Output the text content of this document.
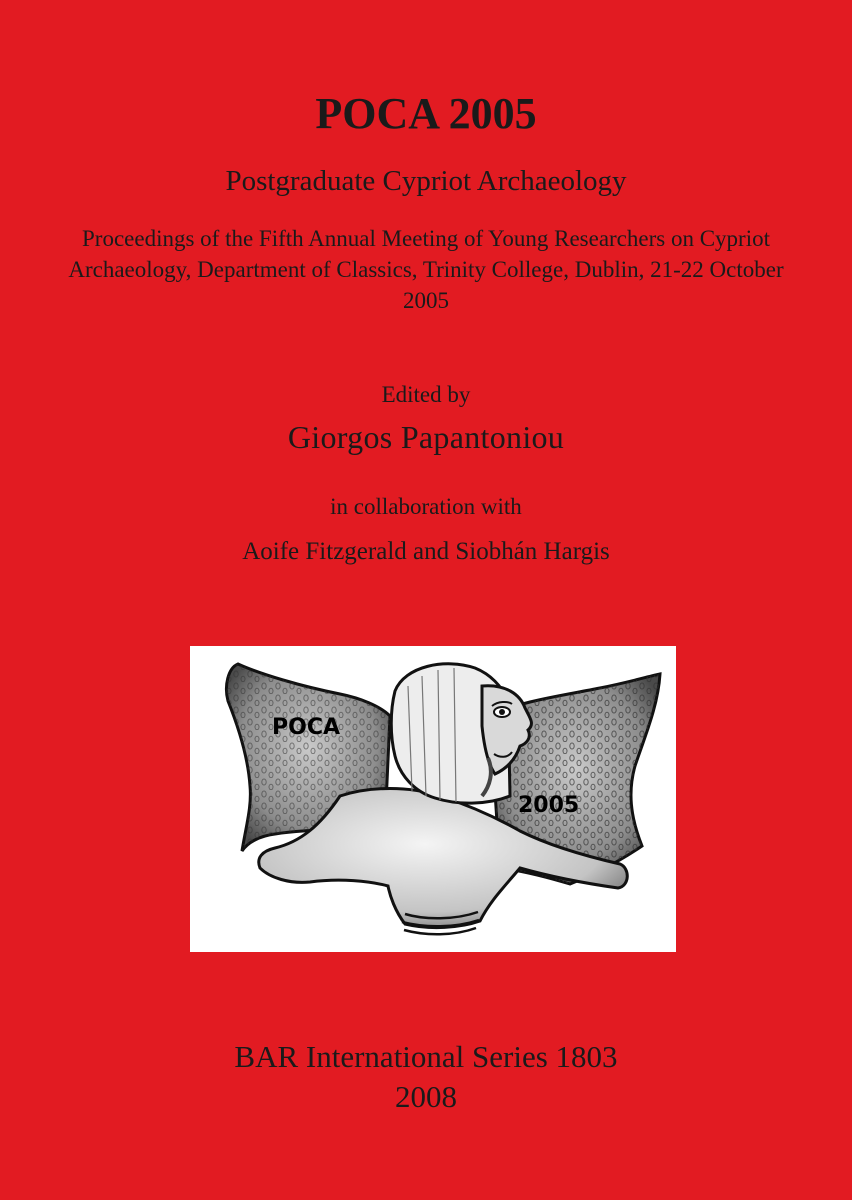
POCA 2005

Postgraduate Cypriot Archaeology

Proceedings of the Fifth Annual Meeting of Young Researchers on Cypriot Archaeology, Department of Classics, Trinity College, Dublin, 21-22 October 2005

Edited by

Giorgos Papantoniou

in collaboration with

Aoife Fitzgerald and Siobhán Hargis

POCA
2005

BAR International Series 1803

2008
